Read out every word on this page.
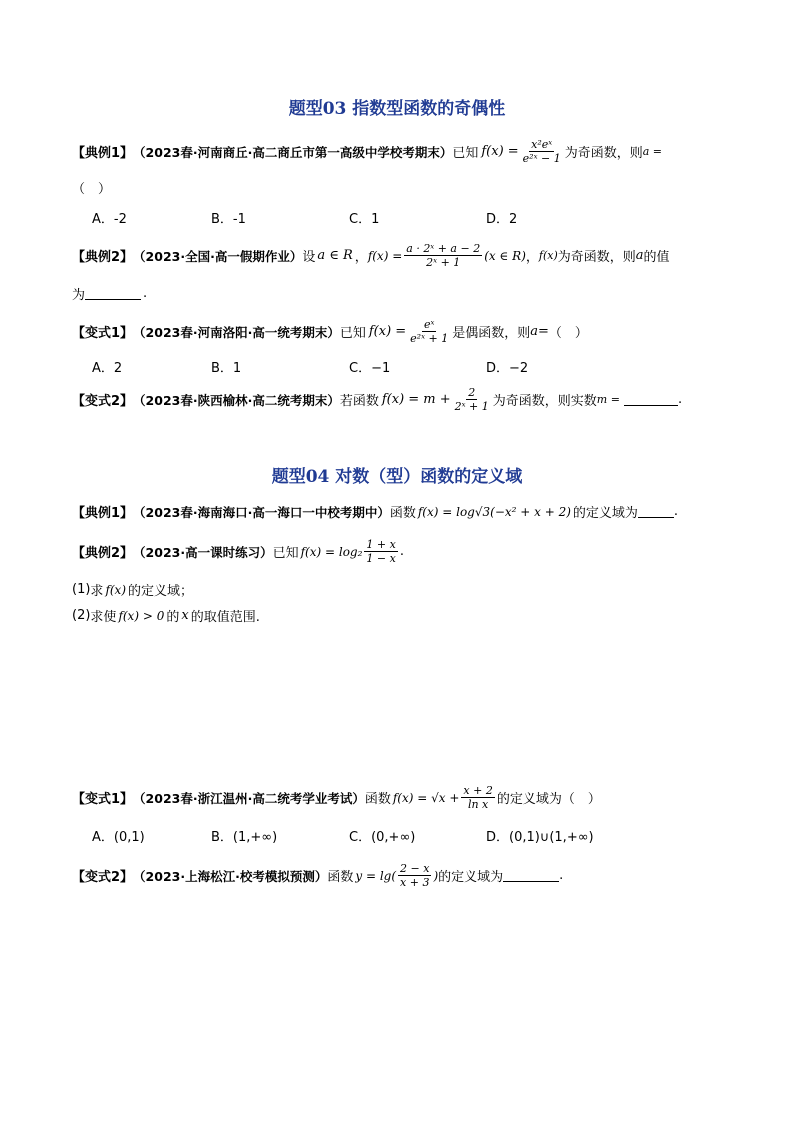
题型03 指数型函数的奇偶性
【典例1】 （2023春·河南商丘·高二商丘市第一高级中学校考期末） 已知 $f(x) = \frac{\text{x²eˣ}}{\text{e²ˣ − 1}}$ 为奇函数，则 a =
（　）
A．-2	B．-1	C．1	D．2
【典例2】 （2023·全国·高一假期作业） 设 a ∈ R ， $f(x) = \frac{\text{a · 2ˣ + a − 2}}{\text{2ˣ + 1}} (x$ ∈ R) ， f(x) 为奇函数，则 a 的值
为	.
【变式1】 （2023春·河南洛阳·高一统考期末） 已知 $f(x) = \frac{\text{eˣ}}{\text{e²ˣ + 1}}$ 是偶函数，则 a= （　）
A．2	B．1	C．−1	D．−2
【变式2】 （2023春·陕西榆林·高二统考期末） 若函数 $f(x) = m + \frac{2}{\text{2ˣ + 1}}$ 为奇函数，则实数 m =	.
题型04 对数（型）函数的定义域
【典例1】 （2023春·海南海口·高一海口一中校考期中） 函数 f(x) = log√3(−x² + x + 2) 的定义域为	.
【典例2】 （2023·高一课时练习） 已知 $f(x) = \log_2 \frac{1 + x}{1 - x}$ .
(1) 求 f(x) 的定义域；
(2) 求使 f(x) > 0 的 x 的取值范围.
【变式1】 （2023春·浙江温州·高二统考学业考试） 函数 $f(x) = √x + \frac{x + 2}{\text{ln x}}$ 的定义域为（　）
A．(0,1)	B．(1,+∞)	C．(0,+∞)	D．(0,1)∪(1,+∞)
【变式2】 （2023·上海松江·校考模拟预测） 函数 $y = \lg( \frac{2 - x}{x + 3}$ ) 的定义域为	.
